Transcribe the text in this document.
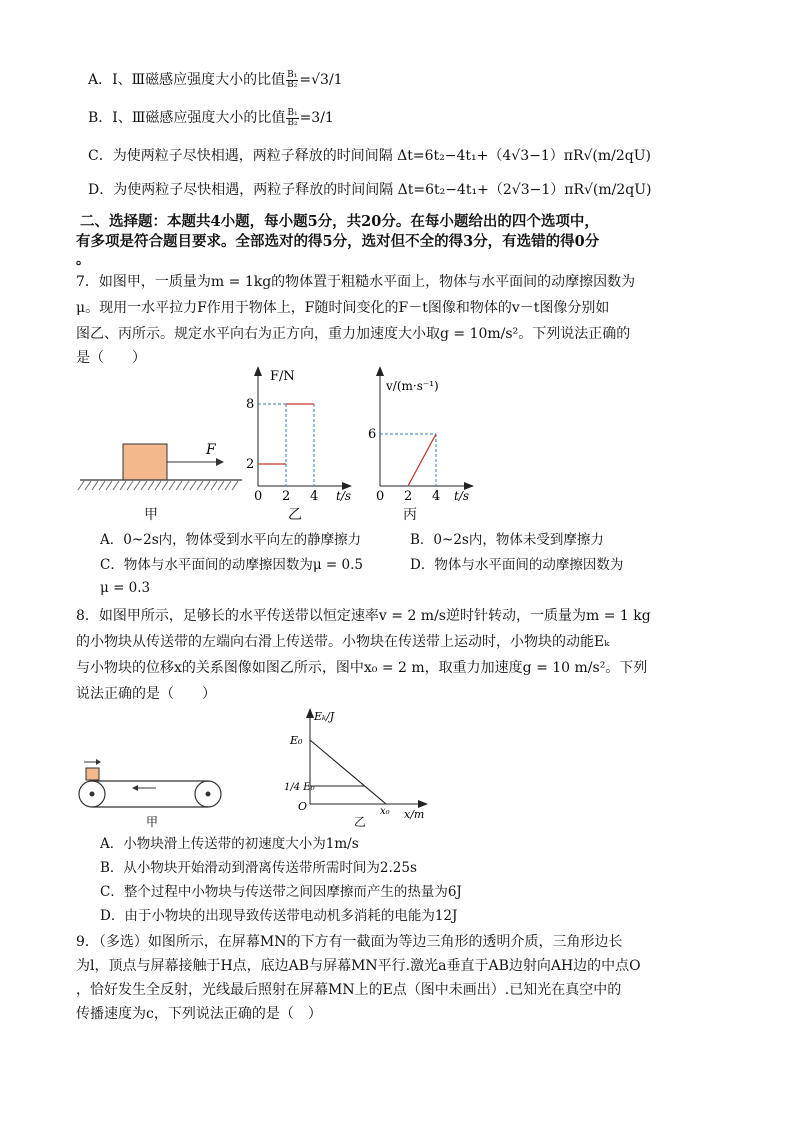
A．Ⅰ、Ⅲ磁感应强度大小的比值 $\frac{\text{B₁}}{\text{B₂}} =√3/1$
B．Ⅰ、Ⅲ磁感应强度大小的比值 $\frac{\text{B₁}}{\text{B₂}} =3/1$
C．为使两粒子尽快相遇，两粒子释放的时间间隔 Δt=6t₂−4t₁+（4√3−1）πR√(m/2qU)
D．为使两粒子尽快相遇，两粒子释放的时间间隔 Δt=6t₂−4t₁+（2√3−1）πR√(m/2qU)
二、选择题：本题共4小题，每小题5分，共20分。在每小题给出的四个选项中，
有多项是符合题目要求。全部选对的得5分，选对但不全的得3分，有选错的得0分
。
7．如图甲，一质量为m = 1kg的物体置于粗糙水平面上，物体与水平面间的动摩擦因数为
μ。现用一水平拉力F作用于物体上，F随时间变化的F－t图像和物体的v－t图像分别如
图乙、丙所示。规定水平向右为正方向，重力加速度大小取g = 10m/s²。下列说法正确的
是（　　）
F
甲
F/N
t/s
8
2
0 2 4
乙
v/(m·s⁻¹)
t/s
6
0 2 4
丙
A．0~2s内，物体受到水平向左的静摩擦力	B．0~2s内，物体未受到摩擦力
C．物体与水平面间的动摩擦因数为μ = 0.5	D．物体与水平面间的动摩擦因数为
μ = 0.3
8．如图甲所示，足够长的水平传送带以恒定速率v = 2 m/s逆时针转动，一质量为m = 1 kg
的小物块从传送带的左端向右滑上传送带。小物块在传送带上运动时，小物块的动能Eₖ
与小物块的位移x的关系图像如图乙所示，图中x₀ = 2 m，取重力加速度g = 10 m/s²。下列
说法正确的是（　　）
甲
Eₖ/J
x/m
E₀
1/4 E₀
O	x₀
乙
A．小物块滑上传送带的初速度大小为1m/s
B．从小物块开始滑动到滑离传送带所需时间为2.25s
C．整个过程中小物块与传送带之间因摩擦而产生的热量为6J
D．由于小物块的出现导致传送带电动机多消耗的电能为12J
9．（多选）如图所示，在屏幕MN的下方有一截面为等边三角形的透明介质，三角形边长
为l，顶点与屏幕接触于H点，底边AB与屏幕MN平行.激光a垂直于AB边射向AH边的中点O
，恰好发生全反射，光线最后照射在屏幕MN上的E点（图中未画出）.已知光在真空中的
传播速度为c，下列说法正确的是（　）
